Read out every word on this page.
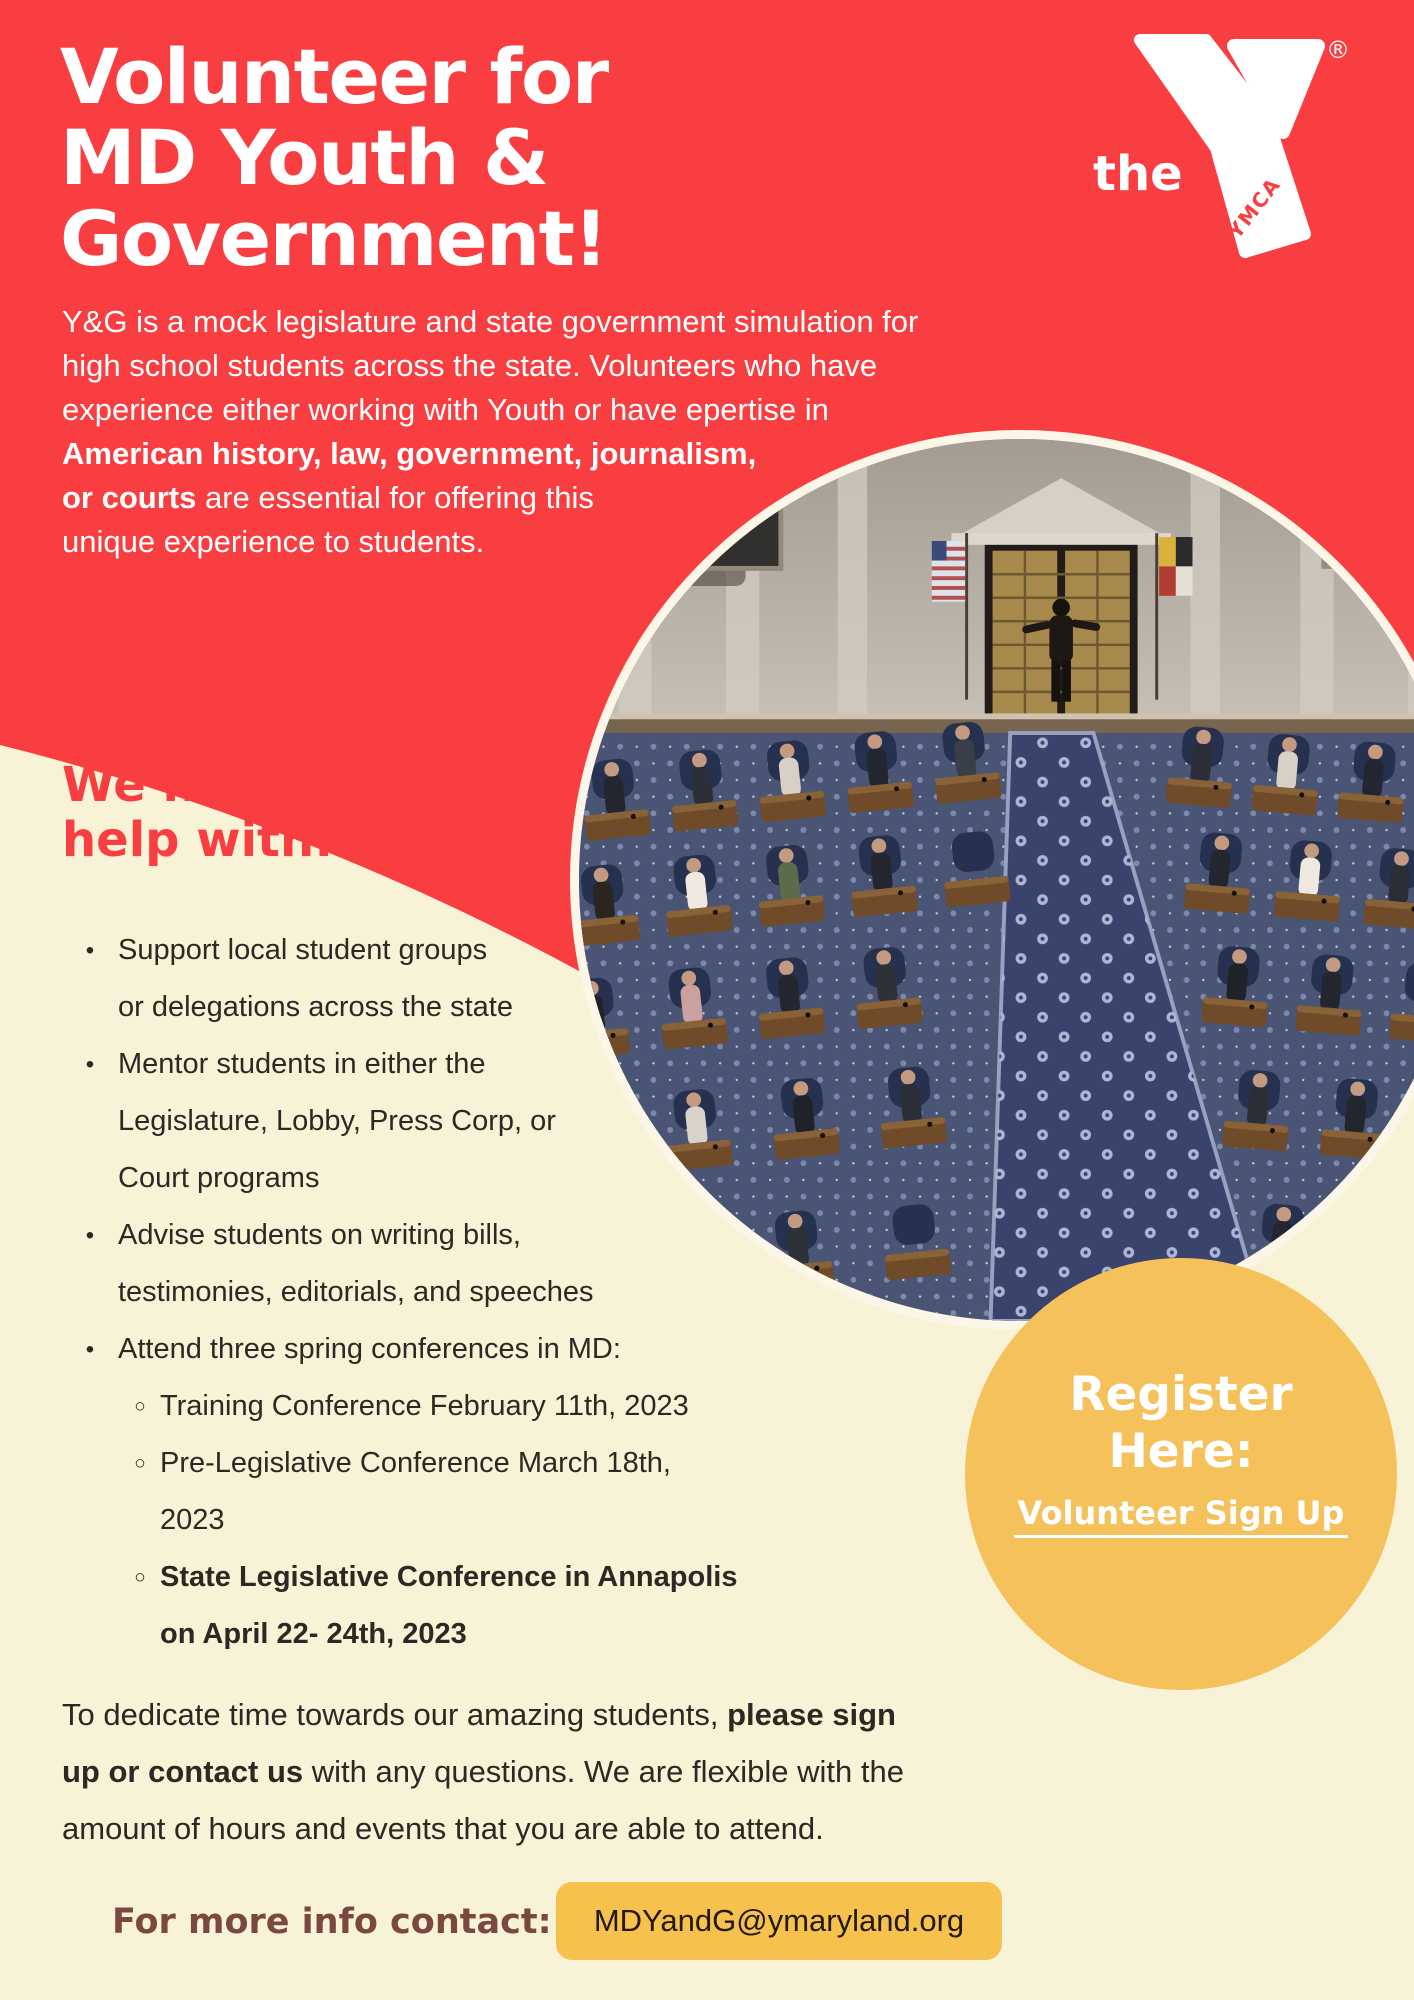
Volunteer for
MD Youth &
Government!
the YMCA
®
Y&G is a mock legislature and state government simulation for
high school students across the state. Volunteers who have
experience either working with Youth or have epertise in
American history, law, government, journalism,
or courts are essential for offering this
unique experience to students.
We need
help with:
• Support local student groups
or delegations across the state
• Mentor students in either the
Legislature, Lobby, Press Corp, or
Court programs
• Advise students on writing bills,
testimonies, editorials, and speeches
• Attend three spring conferences in MD:
○ Training Conference February 11th, 2023
○ Pre-Legislative Conference March 18th,
2023
○ State Legislative Conference in Annapolis
on April 22- 24th, 2023
Register
Here:
Volunteer Sign Up
To dedicate time towards our amazing students, please sign
up or contact us with any questions. We are flexible with the
amount of hours and events that you are able to attend.
For more info contact: MDYandG@ymaryland.org
